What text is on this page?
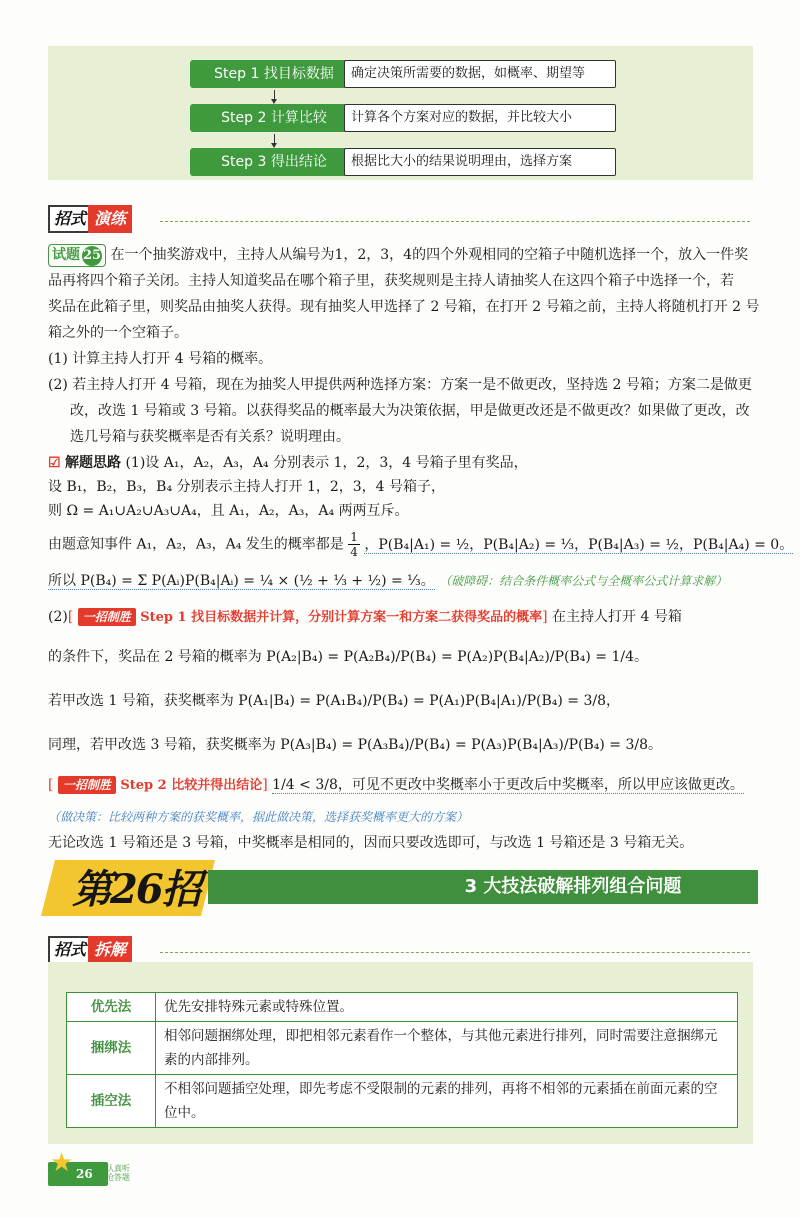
Step 1 找目标数据	确定决策所需要的数据，如概率、期望等
Step 2 计算比较	计算各个方案对应的数据，并比较大小
Step 3 得出结论	根据比大小的结果说明理由，选择方案
招式 演练
试题 25 在一个抽奖游戏中，主持人从编号为1，2，3，4的四个外观相同的空箱子中随机选择一个，放入一件奖
品再将四个箱子关闭。主持人知道奖品在哪个箱子里，获奖规则是主持人请抽奖人在这四个箱子中选择一个，若
奖品在此箱子里，则奖品由抽奖人获得。现有抽奖人甲选择了 2 号箱，在打开 2 号箱之前，主持人将随机打开 2 号
箱之外的一个空箱子。
(1) 计算主持人打开 4 号箱的概率。
(2) 若主持人打开 4 号箱，现在为抽奖人甲提供两种选择方案：方案一是不做更改，坚持选 2 号箱；方案二是做更
改，改选 1 号箱或 3 号箱。以获得奖品的概率最大为决策依据，甲是做更改还是不做更改？如果做了更改，改
选几号箱与获奖概率是否有关系？说明理由。
☑ 解题思路 (1)设 A₁，A₂，A₃，A₄ 分别表示 1，2，3，4 号箱子里有奖品，
设 B₁，B₂，B₃，B₄ 分别表示主持人打开 1，2，3，4 号箱子，
则 Ω = A₁∪A₂∪A₃∪A₄，且 A₁，A₂，A₃，A₄ 两两互斥。
由题意知事件 A₁，A₂，A₃，A₄ 发生的概率都是 $\frac{1}{4}$ ，P(B₄|A₁) = ½，P(B₄|A₂) = ⅓，P(B₄|A₃) = ½，P(B₄|A₄) = 0。
所以 P(B₄) = Σ P(Aᵢ)P(B₄|Aᵢ) = ¼ × (½ + ⅓ + ½) = ⅓。 （破障碍：结合条件概率公式与全概率公式计算求解）
(2)[ 一招制胜 Step 1 找目标数据并计算，分别计算方案一和方案二获得奖品的概率] 在主持人打开 4 号箱
的条件下，奖品在 2 号箱的概率为 P(A₂|B₄) = P(A₂B₄)/P(B₄) = P(A₂)P(B₄|A₂)/P(B₄) = 1/4。
若甲改选 1 号箱，获奖概率为 P(A₁|B₄) = P(A₁B₄)/P(B₄) = P(A₁)P(B₄|A₁)/P(B₄) = 3/8，
同理，若甲改选 3 号箱，获奖概率为 P(A₃|B₄) = P(A₃B₄)/P(B₄) = P(A₃)P(B₄|A₃)/P(B₄) = 3/8。
[ 一招制胜 Step 2 比较并得出结论] 1/4 < 3/8，可见不更改中奖概率小于更改后中奖概率，所以甲应该做更改。
（做决策：比较两种方案的获奖概率，据此做决策，选择获奖概率更大的方案）
无论改选 1 号箱还是 3 号箱，中奖概率是相同的，因而只要改选即可，与改选 1 号箱还是 3 号箱无关。
第26招	3 大技法破解排列组合问题
招式 拆解
优先法	优先安排特殊元素或特殊位置。
捆绑法	相邻问题捆绑处理，即把相邻元素看作一个整体，与其他元素进行排列，同时需要注意捆绑元素的内部排列。
插空法	不相邻问题插空处理，即先考虑不受限制的元素的排列，再将不相邻的元素插在前面元素的空位中。
26
★	上课认真听
下课抢答题
